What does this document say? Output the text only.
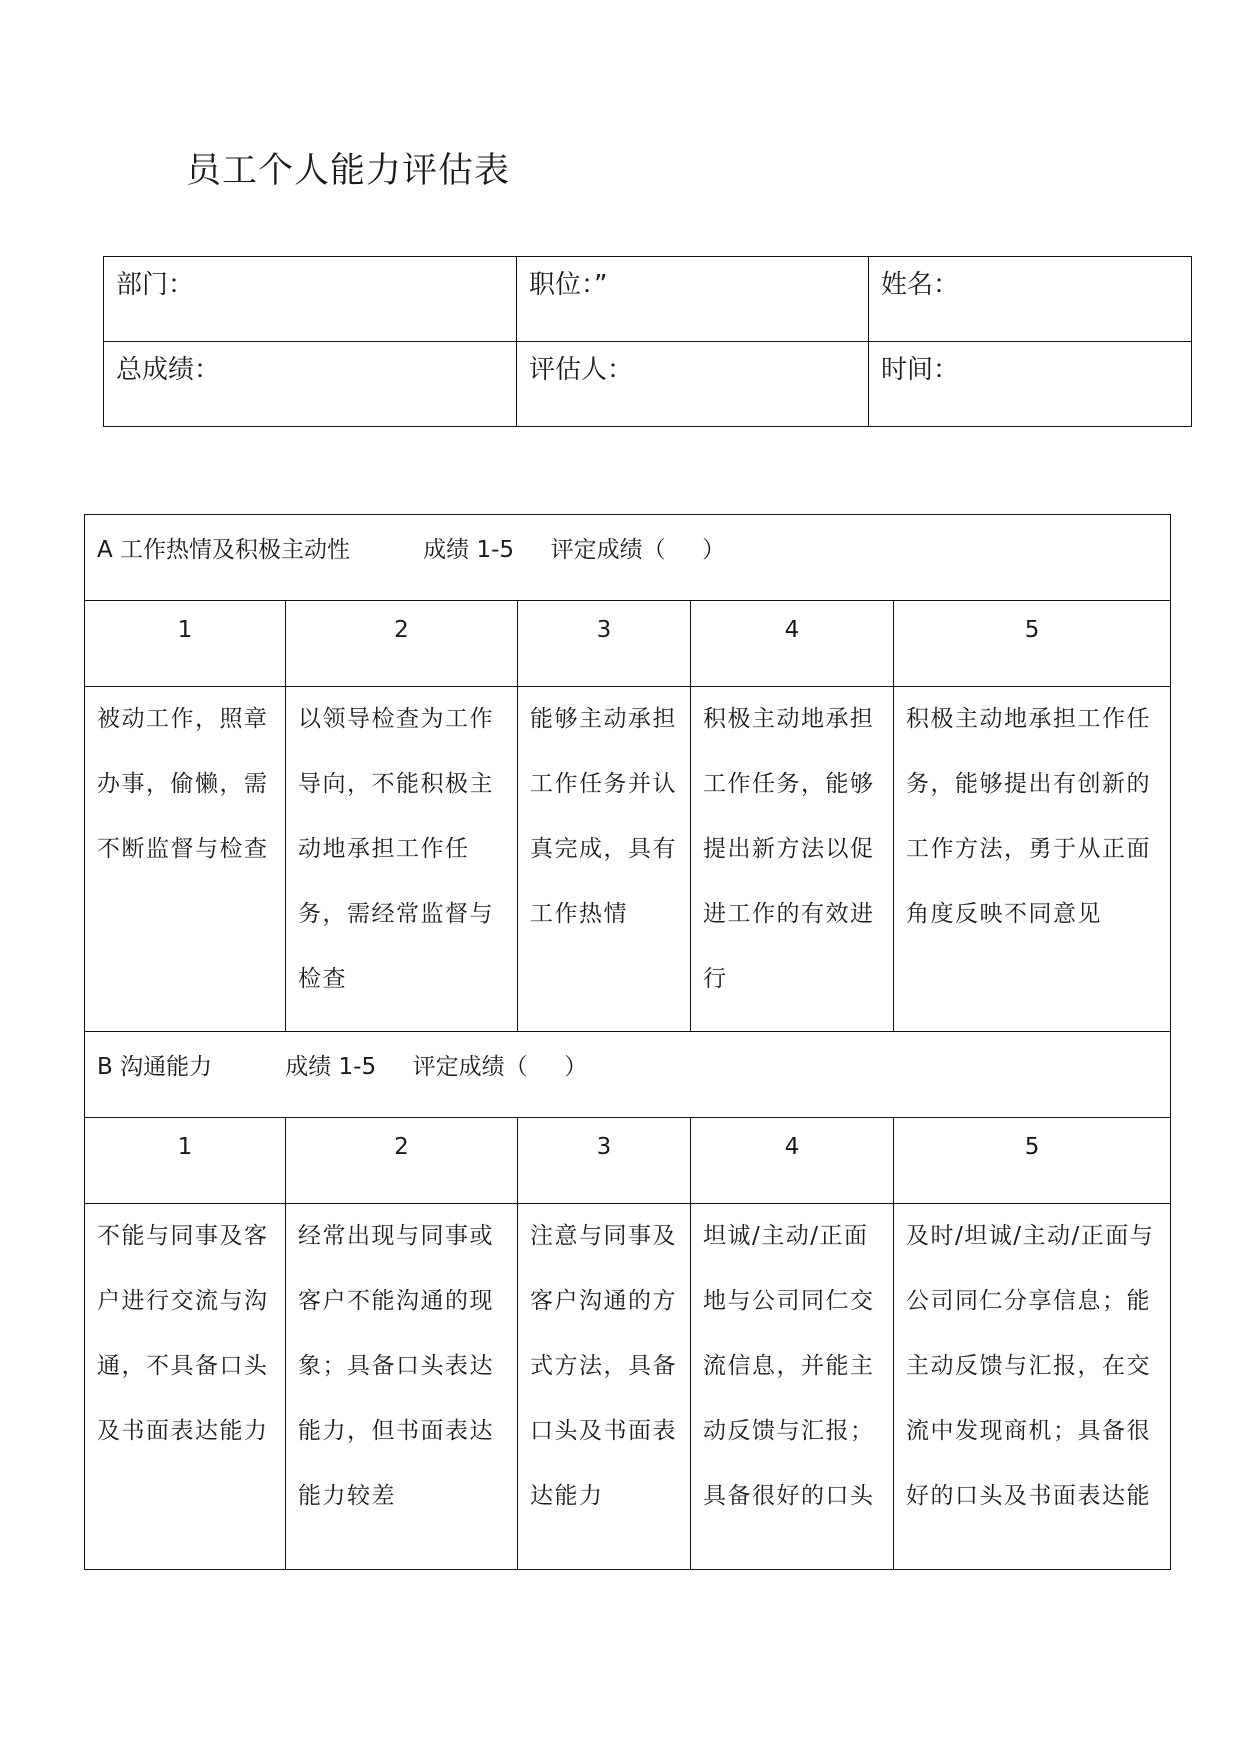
员工个人能力评估表
部门：	职位：”	姓名：
总成绩：	评估人：	时间：
A 工作热情及积极主动性          成绩 1-5     评定成绩（     ）				
1	2	3	4	5
被动工作，照章办事，偷懒，需不断监督与检查	以领导检查为工作导向，不能积极主动地承担工作任务，需经常监督与检查	能够主动承担工作任务并认真完成，具有工作热情	积极主动地承担工作任务，能够提出新方法以促进工作的有效进行	积极主动地承担工作任务，能够提出有创新的工作方法，勇于从正面角度反映不同意见
B 沟通能力          成绩 1-5     评定成绩（     ）				
1	2	3	4	5
不能与同事及客户进行交流与沟通，不具备口头及书面表达能力	经常出现与同事或客户不能沟通的现象；具备口头表达能力，但书面表达能力较差	注意与同事及客户沟通的方式方法，具备口头及书面表达能力	坦诚/主动/正面地与公司同仁交流信息，并能主动反馈与汇报；具备很好的口头	及时/坦诚/主动/正面与公司同仁分享信息；能主动反馈与汇报，在交流中发现商机；具备很好的口头及书面表达能
